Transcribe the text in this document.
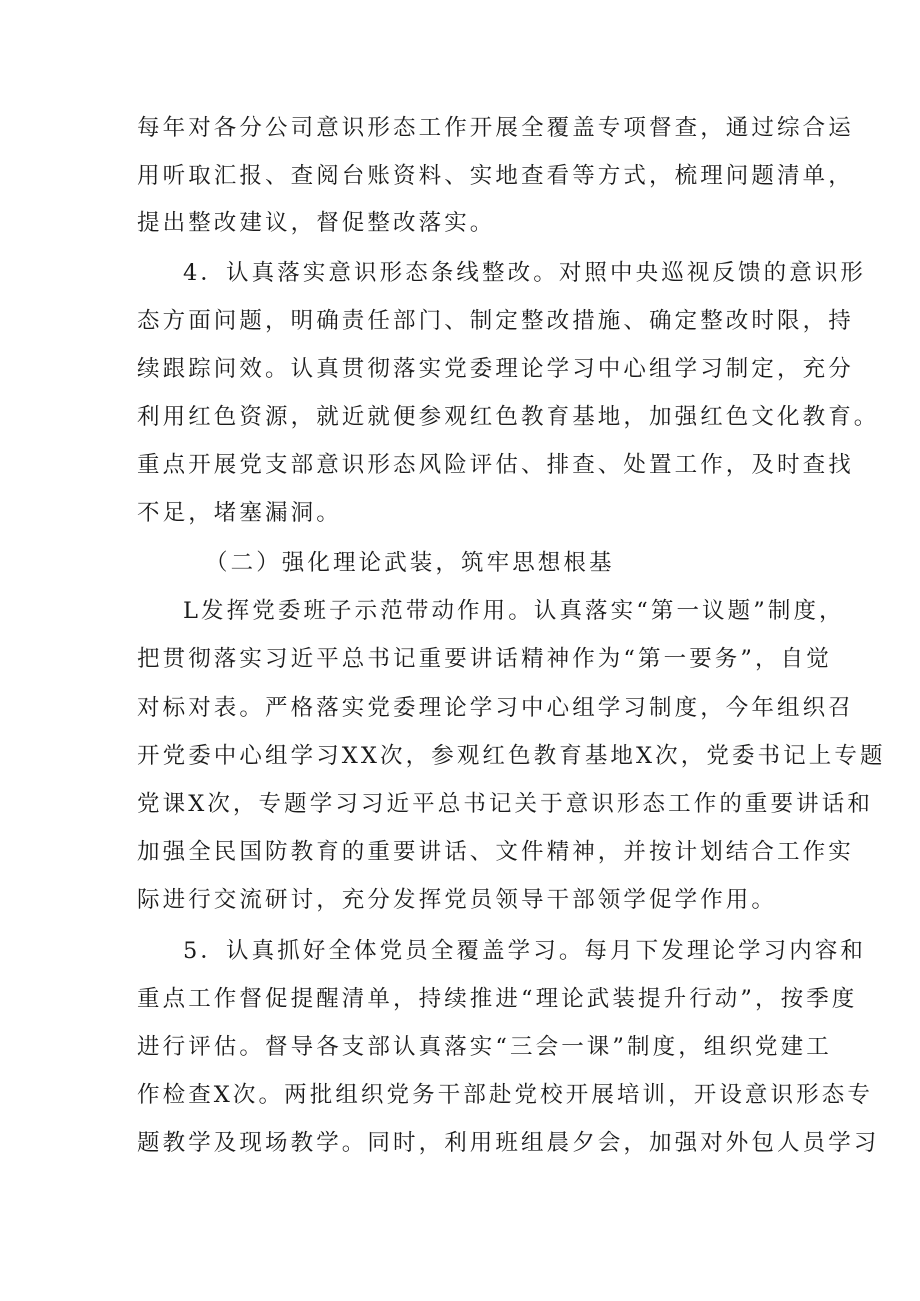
每年对各分公司意识形态工作开展全覆盖专项督查，通过综合运
用听取汇报、查阅台账资料、实地查看等方式，梳理问题清单，
提出整改建议，督促整改落实。
4．认真落实意识形态条线整改。对照中央巡视反馈的意识形
态方面问题，明确责任部门、制定整改措施、确定整改时限，持
续跟踪问效。认真贯彻落实党委理论学习中心组学习制定，充分
利用红色资源，就近就便参观红色教育基地，加强红色文化教育。
重点开展党支部意识形态风险评估、排查、处置工作，及时查找
不足，堵塞漏洞。
（二）强化理论武装，筑牢思想根基
L发挥党委班子示范带动作用。认真落实“第一议题”制度，
把贯彻落实习近平总书记重要讲话精神作为“第一要务”，自觉
对标对表。严格落实党委理论学习中心组学习制度，今年组织召
开党委中心组学习XX次，参观红色教育基地X次，党委书记上专题
党课X次，专题学习习近平总书记关于意识形态工作的重要讲话和
加强全民国防教育的重要讲话、文件精神，并按计划结合工作实
际进行交流研讨，充分发挥党员领导干部领学促学作用。
5．认真抓好全体党员全覆盖学习。每月下发理论学习内容和
重点工作督促提醒清单，持续推进“理论武装提升行动”，按季度
进行评估。督导各支部认真落实“三会一课”制度，组织党建工
作检查X次。两批组织党务干部赴党校开展培训，开设意识形态专
题教学及现场教学。同时，利用班组晨夕会，加强对外包人员学习
